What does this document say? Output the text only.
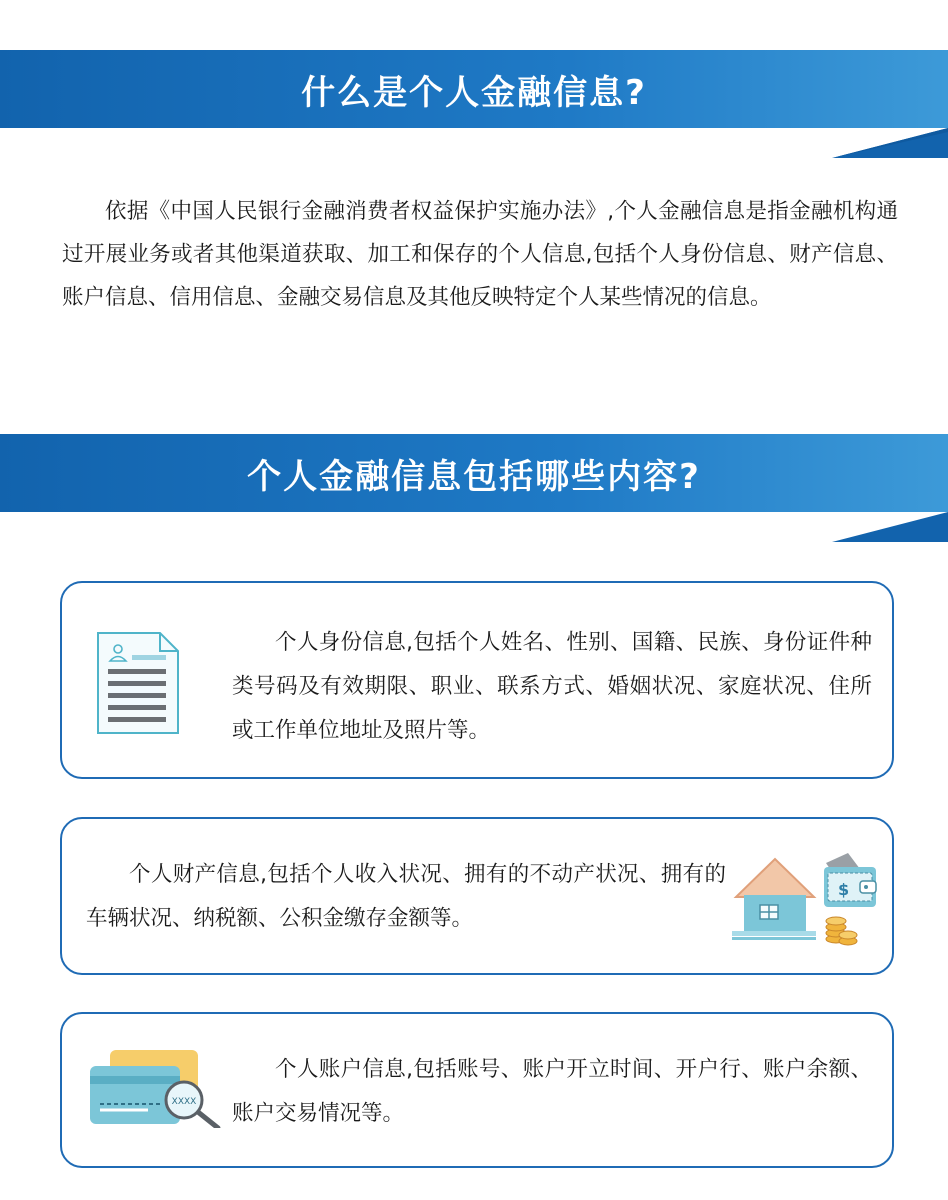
什么是个人金融信息?

依据《中国人民银行金融消费者权益保护实施办法》,个人金融信息是指金融机构通过开展业务或者其他渠道获取、加工和保存的个人信息,包括个人身份信息、财产信息、账户信息、信用信息、金融交易信息及其他反映特定个人某些情况的信息。

个人金融信息包括哪些内容?

个人身份信息,包括个人姓名、性别、国籍、民族、身份证件种类号码及有效期限、职业、联系方式、婚姻状况、家庭状况、住所或工作单位地址及照片等。

个人财产信息,包括个人收入状况、拥有的不动产状况、拥有的车辆状况、纳税额、公积金缴存金额等。

$
XXXX

个人账户信息,包括账号、账户开立时间、开户行、账户余额、账户交易情况等。
